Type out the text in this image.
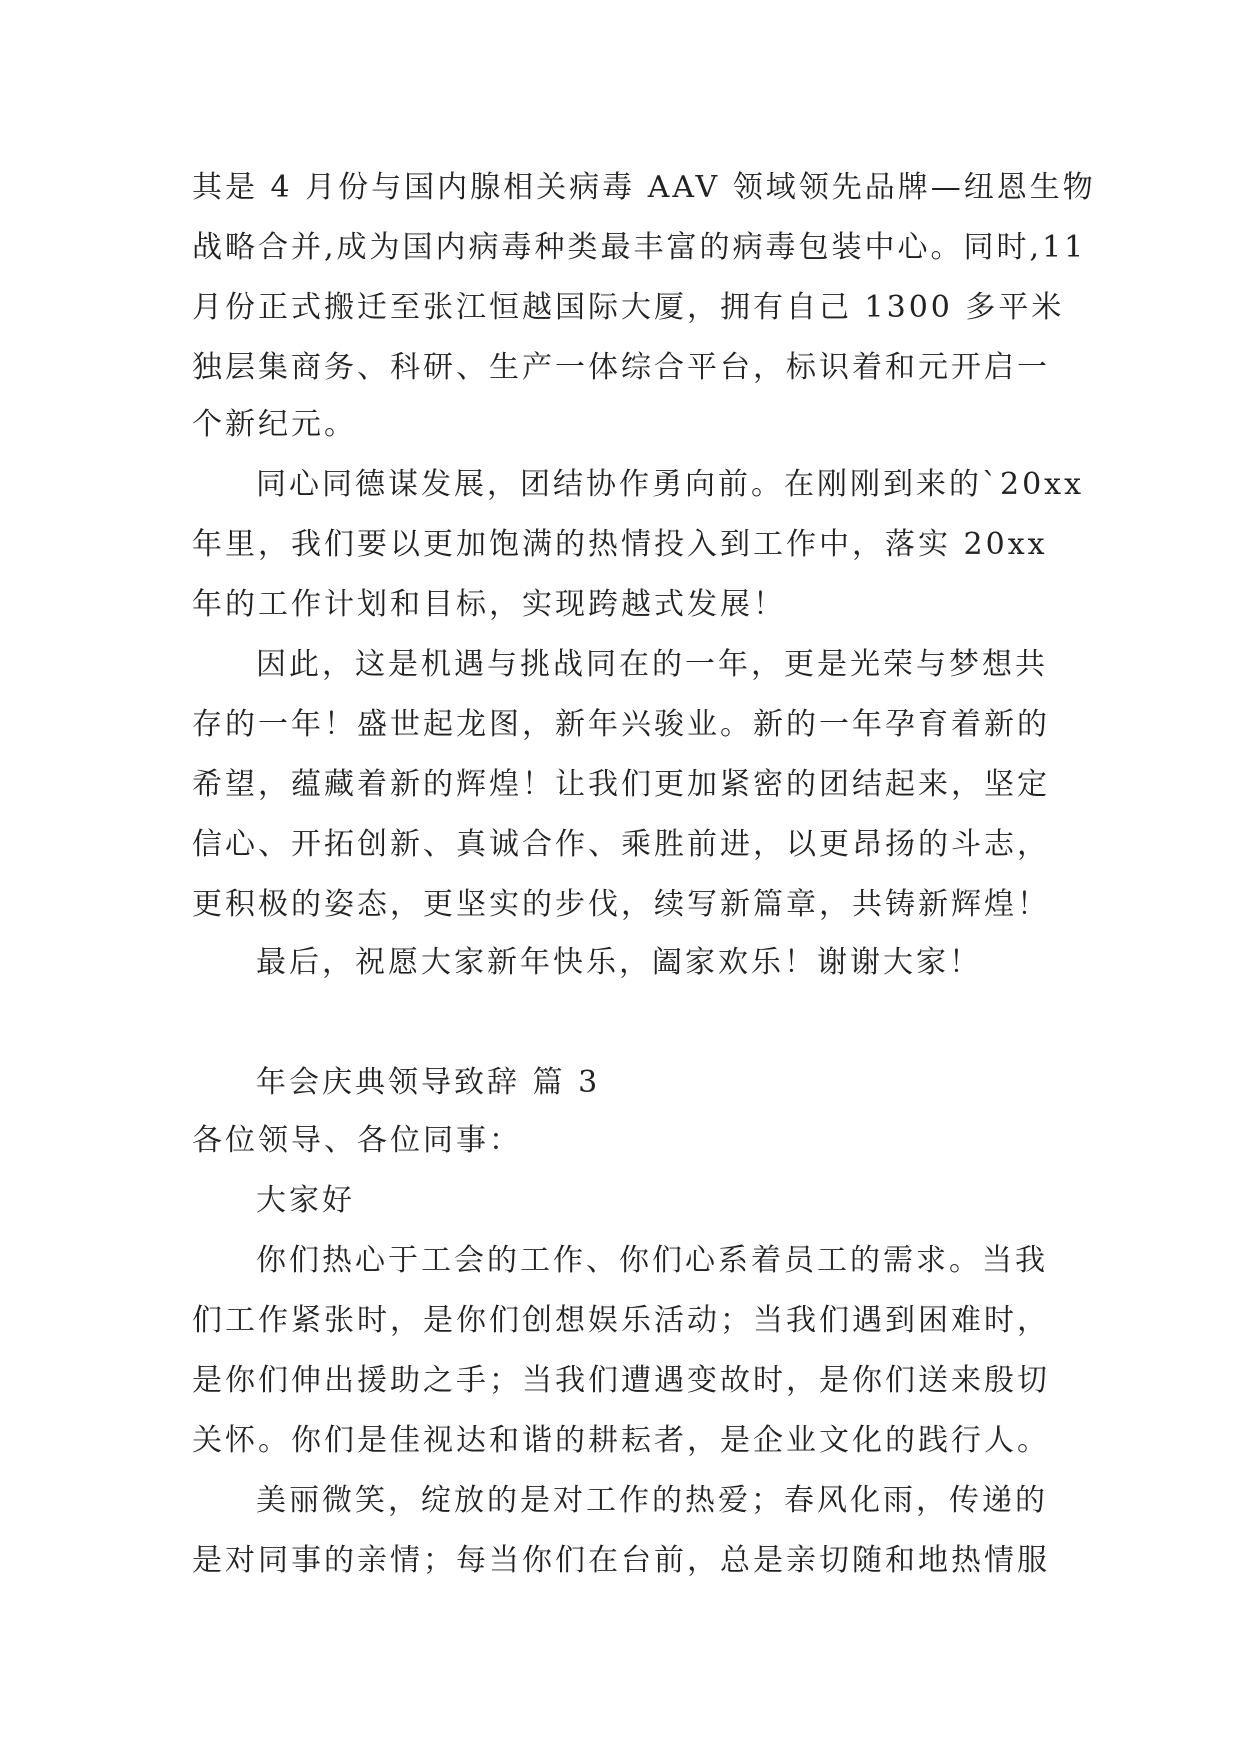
其是 4 月份与国内腺相关病毒 AAV 领域领先品牌—纽恩生物
战略合并,成为国内病毒种类最丰富的病毒包装中心。同时,11
月份正式搬迁至张江恒越国际大厦，拥有自己 1300 多平米
独层集商务、科研、生产一体综合平台，标识着和元开启一
个新纪元。
同心同德谋发展，团结协作勇向前。在刚刚到来的`20xx
年里，我们要以更加饱满的热情投入到工作中，落实 20xx
年的工作计划和目标，实现跨越式发展！
因此，这是机遇与挑战同在的一年，更是光荣与梦想共
存的一年！盛世起龙图，新年兴骏业。新的一年孕育着新的
希望，蕴藏着新的辉煌！让我们更加紧密的团结起来，坚定
信心、开拓创新、真诚合作、乘胜前进，以更昂扬的斗志，
更积极的姿态，更坚实的步伐，续写新篇章，共铸新辉煌！
最后，祝愿大家新年快乐，阖家欢乐！谢谢大家！
年会庆典领导致辞 篇 3
各位领导、各位同事：
大家好
你们热心于工会的工作、你们心系着员工的需求。当我
们工作紧张时，是你们创想娱乐活动；当我们遇到困难时，
是你们伸出援助之手；当我们遭遇变故时，是你们送来殷切
关怀。你们是佳视达和谐的耕耘者，是企业文化的践行人。
美丽微笑，绽放的是对工作的热爱；春风化雨，传递的
是对同事的亲情；每当你们在台前，总是亲切随和地热情服
